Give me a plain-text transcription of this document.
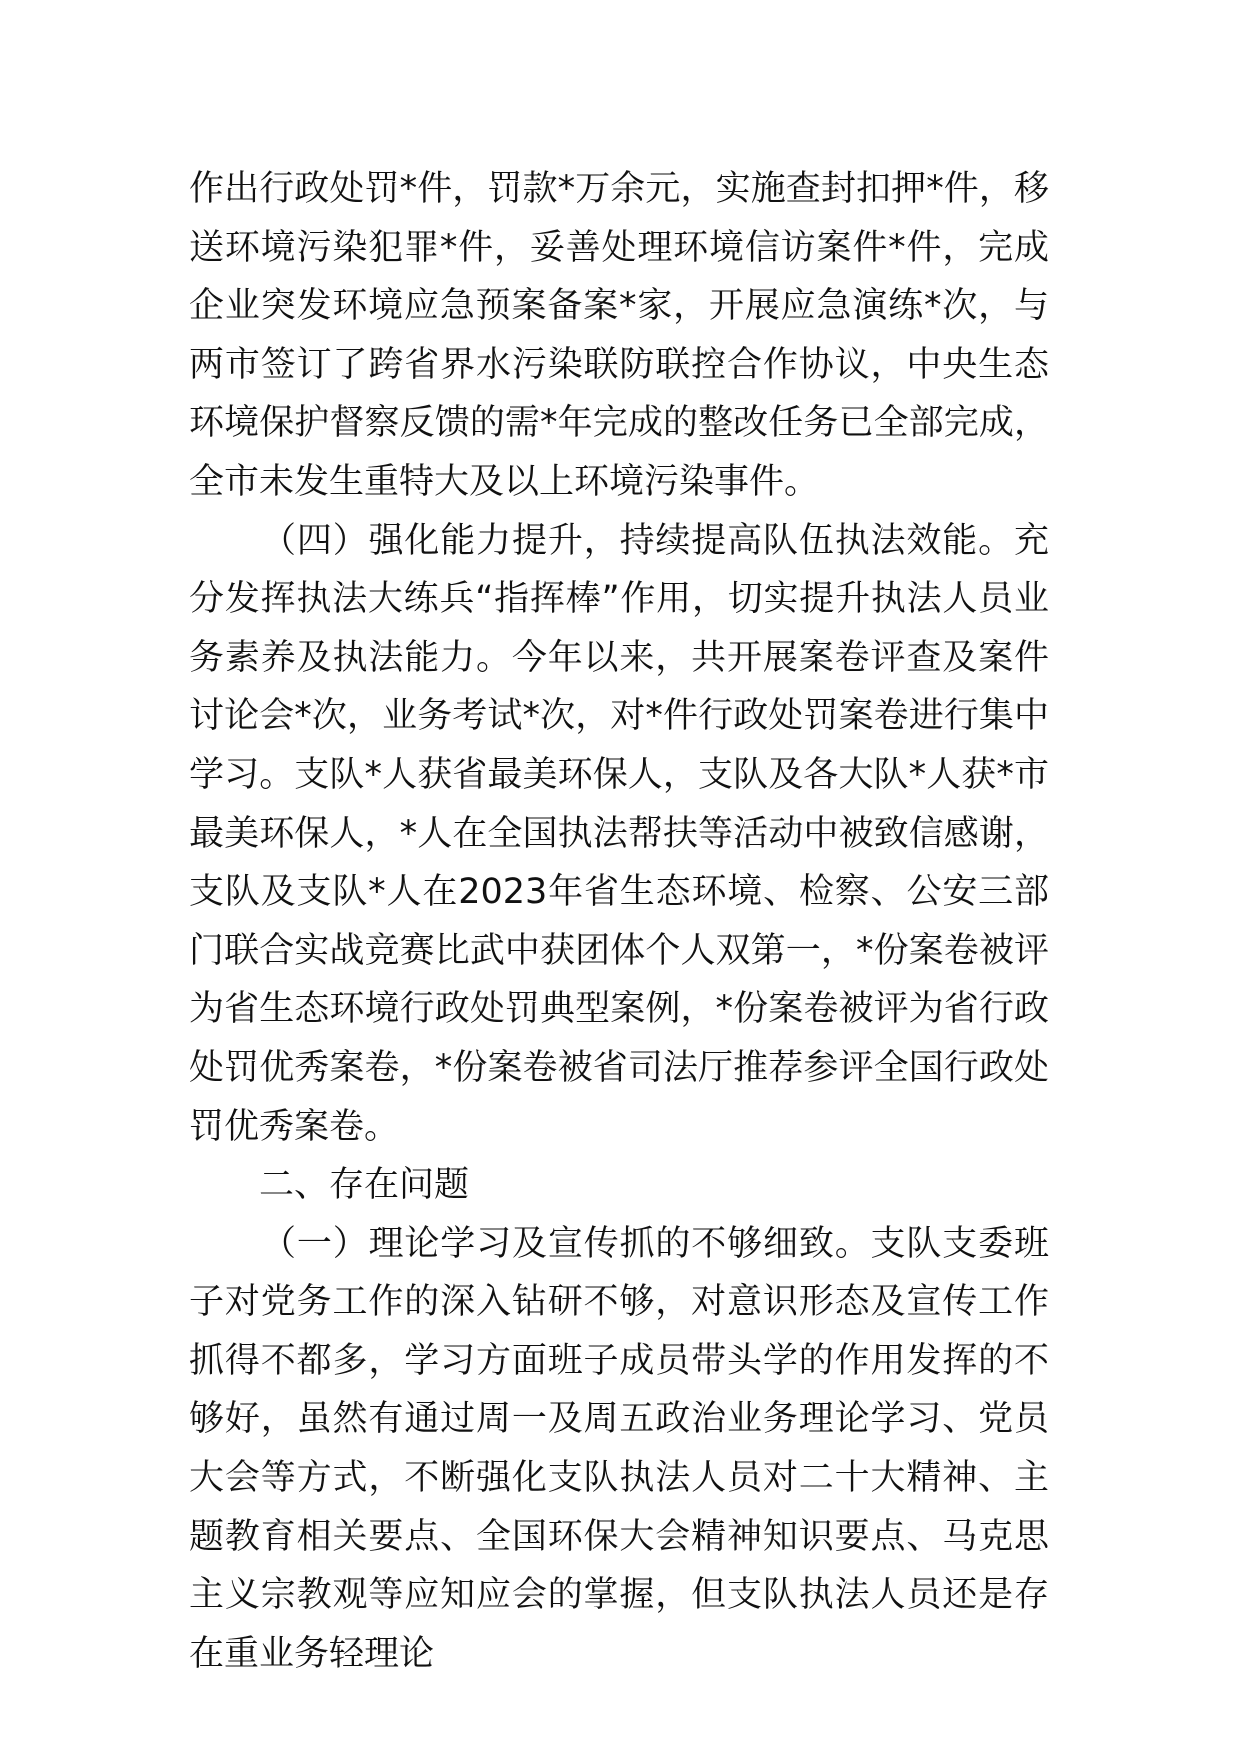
作出行政处罚*件，罚款*万余元，实施查封扣押*件，移送环境污染犯罪*件，妥善处理环境信访案件*件，完成企业突发环境应急预案备案*家，开展应急演练*次，与两市签订了跨省界水污染联防联控合作协议，中央生态环境保护督察反馈的需*年完成的整改任务已全部完成，全市未发生重特大及以上环境污染事件。

（四）强化能力提升，持续提高队伍执法效能。充分发挥执法大练兵“指挥棒”作用，切实提升执法人员业务素养及执法能力。今年以来，共开展案卷评查及案件讨论会*次，业务考试*次，对*件行政处罚案卷进行集中学习。支队*人获省最美环保人，支队及各大队*人获*市最美环保人，*人在全国执法帮扶等活动中被致信感谢，支队及支队*人在2023年省生态环境、检察、公安三部门联合实战竞赛比武中获团体个人双第一，*份案卷被评为省生态环境行政处罚典型案例，*份案卷被评为省行政处罚优秀案卷，*份案卷被省司法厅推荐参评全国行政处罚优秀案卷。

二、存在问题

（一）理论学习及宣传抓的不够细致。支队支委班子对党务工作的深入钻研不够，对意识形态及宣传工作抓得不都多，学习方面班子成员带头学的作用发挥的不够好，虽然有通过周一及周五政治业务理论学习、党员大会等方式，不断强化支队执法人员对二十大精神、主题教育相关要点、全国环保大会精神知识要点、马克思主义宗教观等应知应会的掌握，但支队执法人员还是存在重业务轻理论
